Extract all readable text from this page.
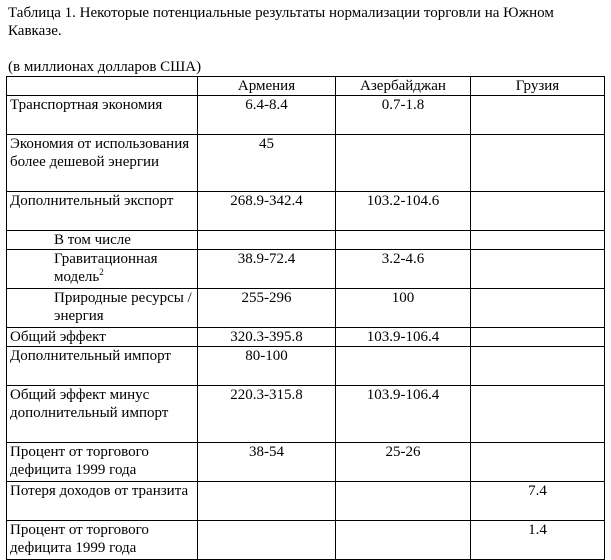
Таблица 1. Некоторые потенциальные результаты нормализации торговли на Южном Кавказе.
(в миллионах долларов США)
	Армения	Азербайджан	Грузия
Транспортная экономия	6.4-8.4	0.7-1.8	
Экономия от использования более дешевой энергии	45		
Дополнительный экспорт	268.9-342.4	103.2-104.6	
В том числе			
Гравитационная модель$^2$	38.9-72.4	3.2-4.6	
Природные ресурсы / энергия	255-296	100	
Общий эффект	320.3-395.8	103.9-106.4	
Дополнительный импорт	80-100		
Общий эффект минус дополнительный импорт	220.3-315.8	103.9-106.4	
Процент от торгового дефицита 1999 года	38-54	25-26	
Потеря доходов от транзита			7.4
Процент от торгового дефицита 1999 года			1.4
